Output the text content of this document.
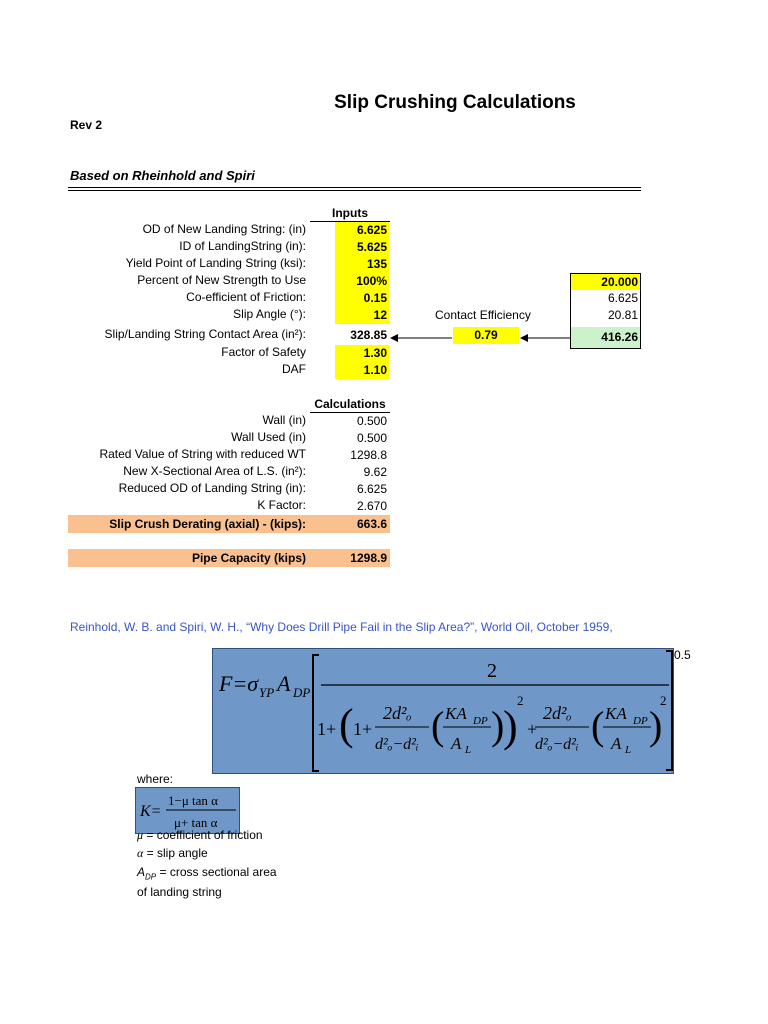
Slip Crushing Calculations
Rev 2
Based on Rheinhold and Spiri
Inputs
OD of New Landing String: (in)	6.625
ID of LandingString (in):	5.625
Yield Point of Landing String (ksi):	135
Percent of New Strength to Use	100%
Co-efficient of Friction:	0.15
Slip Angle (°):	12
Slip/Landing String Contact Area (in²):	328.85
Factor of Safety	1.30
DAF	1.10
Contact Efficiency
0.79
20.000
6.625
20.81
416.26
Calculations
Wall (in)	0.500
Wall Used (in)	0.500
Rated Value of String with reduced WT	1298.8
New X-Sectional Area of L.S. (in²):	9.62
Reduced OD of Landing String (in):	6.625
K Factor:	2.670
Slip Crush Derating (axial) - (kips):	663.6
Pipe Capacity (kips)	1298.9
Reinhold, W. B. and Spiri, W. H., “Why Does Drill Pipe Fail in the Slip Area?”, World Oil, October 1959,
F=σ YP A DP
2
1+ ( 1+
2d²ₒ
d²ₒ−d²ᵢ ( KA DP
A L
)
)
2
+
2d²ₒ
d²ₒ−d²ᵢ ( KA DP
A L
)
2
0.5
where:
K=
1−μ tan α
μ+ tan α
μ = coefficient of friction
α = slip angle
$A_{DP}$ = cross sectional area
of landing string
